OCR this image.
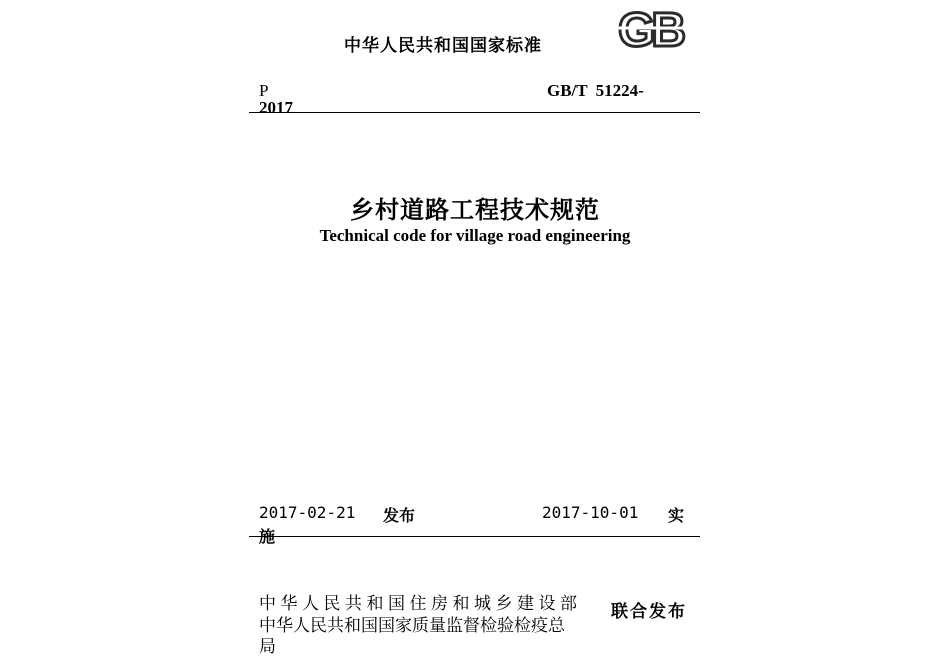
GB
中华人民共和国国家标准
P	GB/T 51224-
2017
乡村道路工程技术规范
Technical code for village road engineering
2017-02-21 发布	2017-10-01 实
施
中华人民共和国住房和城乡建设部
中华人民共和国国家质量监督检验检疫总
局
联合发布
